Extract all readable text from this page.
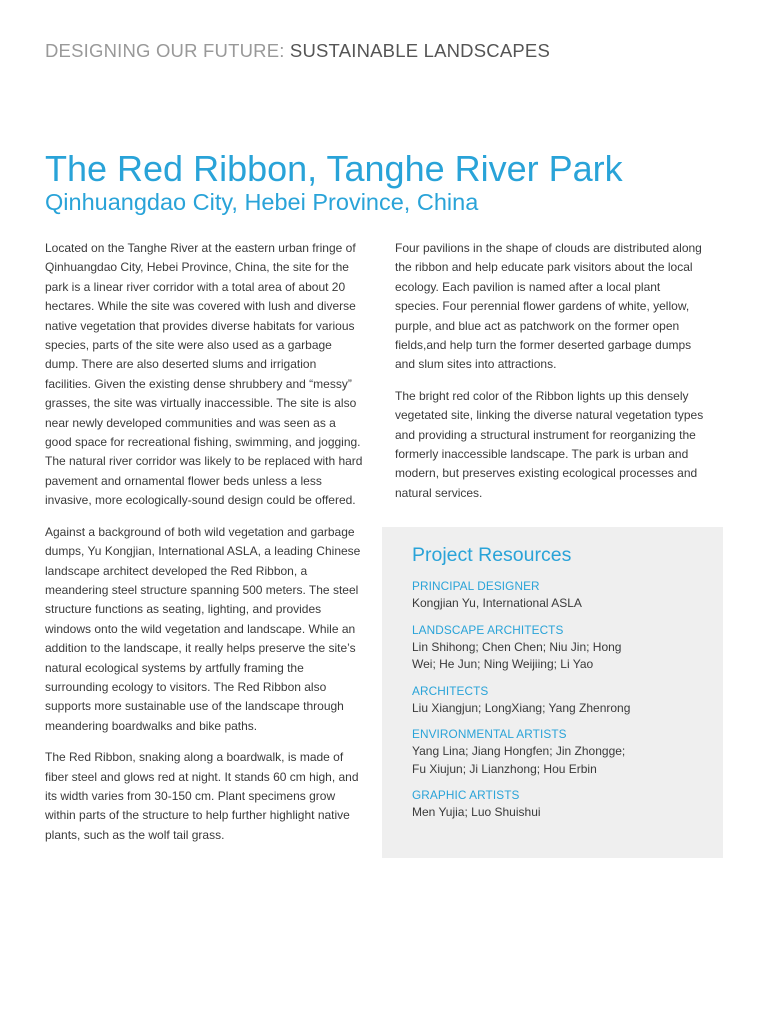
DESIGNING OUR FUTURE: SUSTAINABLE LANDSCAPES
The Red Ribbon, Tanghe River Park
Qinhuangdao City, Hebei Province, China

Located on the Tanghe River at the eastern urban fringe of Qinhuangdao City, Hebei Province, China, the site for the park is a linear river corridor with a total area of about 20 hectares. While the site was covered with lush and diverse native vegetation that provides diverse habitats for various species, parts of the site were also used as a garbage dump. There are also deserted slums and irrigation facilities. Given the existing dense shrubbery and “messy” grasses, the site was virtually inaccessible. The site is also near newly developed communities and was seen as a good space for recreational fishing, swimming, and jogging. The natural river corridor was likely to be replaced with hard pavement and ornamental flower beds unless a less invasive, more ecologically-sound design could be offered.

Against a background of both wild vegetation and garbage dumps, Yu Kongjian, International ASLA, a leading Chinese landscape architect developed the Red Ribbon, a meandering steel structure spanning 500 meters. The steel structure functions as seating, lighting, and provides windows onto the wild vegetation and landscape. While an addition to the landscape, it really helps preserve the site’s natural ecological systems by artfully framing the surrounding ecology to visitors. The Red Ribbon also supports more sustainable use of the landscape through meandering boardwalks and bike paths.

The Red Ribbon, snaking along a boardwalk, is made of fiber steel and glows red at night. It stands 60 cm high, and its width varies from 30-150 cm. Plant specimens grow within parts of the structure to help further highlight native plants, such as the wolf tail grass.

Four pavilions in the shape of clouds are distributed along the ribbon and help educate park visitors about the local ecology. Each pavilion is named after a local plant species. Four perennial flower gardens of white, yellow, purple, and blue act as patchwork on the former open fields,and help turn the former deserted garbage dumps and slum sites into attractions.

The bright red color of the Ribbon lights up this densely vegetated site, linking the diverse natural vegetation types and providing a structural instrument for reorganizing the formerly inaccessible landscape. The park is urban and modern, but preserves existing ecological processes and natural services.

Project Resources
PRINCIPAL DESIGNER
Kongjian Yu, International ASLA
LANDSCAPE ARCHITECTS
Lin Shihong; Chen Chen; Niu Jin; Hong Wei; He Jun; Ning Weijiing; Li Yao
ARCHITECTS
Liu Xiangjun; LongXiang; Yang Zhenrong
ENVIRONMENTAL ARTISTS
Yang Lina; Jiang Hongfen; Jin Zhongge; Fu Xiujun; Ji Lianzhong; Hou Erbin
GRAPHIC ARTISTS
Men Yujia; Luo Shuishui
